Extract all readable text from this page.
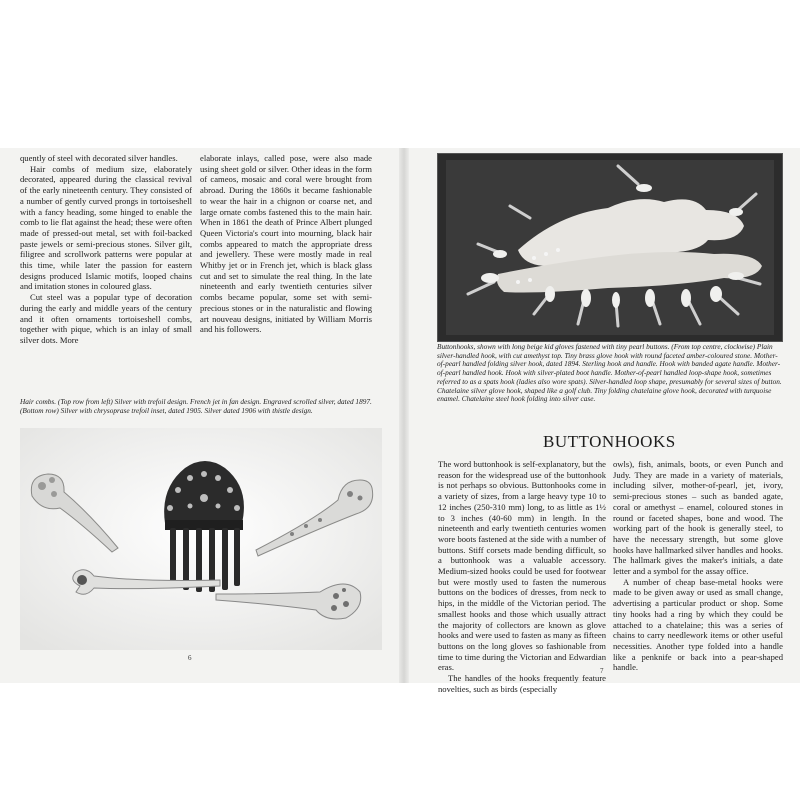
quently of steel with decorated silver handles.

Hair combs of medium size, elaborately decorated, appeared during the classical revival of the early nineteenth century. They consisted of a number of gently curved prongs in tortoiseshell with a fancy heading, some hinged to enable the comb to lie flat against the head; these were often made of pressed-out metal, set with foil-backed paste jewels or semi-precious stones. Silver gilt, filigree and scrollwork patterns were popular at this time, while later the passion for eastern designs produced Islamic motifs, looped chains and imitation stones in coloured glass.

Cut steel was a popular type of decoration during the early and middle years of the century and it often ornaments tortoiseshell combs, together with pique, which is an inlay of small silver dots. More

elaborate inlays, called pose, were also made using sheet gold or silver. Other ideas in the form of cameos, mosaic and coral were brought from abroad. During the 1860s it became fashionable to wear the hair in a chignon or coarse net, and large ornate combs fastened this to the main hair. When in 1861 the death of Prince Albert plunged Queen Victoria's court into mourning, black hair combs appeared to match the appropriate dress and jewellery. These were mostly made in real Whitby jet or in French jet, which is black glass cut and set to simulate the real thing. In the late nineteenth and early twentieth centuries silver combs became popular, some set with semi-precious stones or in the naturalistic and flowing art nouveau designs, initiated by William Morris and his followers.

Hair combs. (Top row from left) Silver with trefoil design. French jet in fan design. Engraved scrolled silver, dated 1897. (Bottom row) Silver with chrysoprase trefoil inset, dated 1905. Silver dated 1906 with thistle design.
6
Buttonhooks, shown with long beige kid gloves fastened with tiny pearl buttons. (From top centre, clockwise) Plain silver-handled hook, with cut amethyst top. Tiny brass glove hook with round faceted amber-coloured stone. Mother-of-pearl handled folding silver hook, dated 1894. Sterling hook and handle. Hook with banded agate handle. Mother-of-pearl handled hook. Hook with silver-plated boot handle. Mother-of-pearl handled loop-shape hook, sometimes referred to as a spats hook (ladies also wore spats). Silver-handled loop shape, presumably for several sizes of button. Chatelaine silver glove hook, shaped like a golf club. Tiny folding chatelaine glove hook, decorated with turquoise enamel. Chatelaine steel hook folding into silver case.
BUTTONHOOKS

The word buttonhook is self-explanatory, but the reason for the widespread use of the buttonhook is not perhaps so obvious. Buttonhooks come in a variety of sizes, from a large heavy type 10 to 12 inches (250-310 mm) long, to as little as 1½ to 3 inches (40-60 mm) in length. In the nineteenth and early twentieth centuries women wore boots fastened at the side with a number of buttons. Stiff corsets made bending difficult, so a buttonhook was a valuable accessory. Medium-sized hooks could be used for footwear but were mostly used to fasten the numerous buttons on the bodices of dresses, from neck to hips, in the middle of the Victorian period. The smallest hooks and those which usually attract the majority of collectors are known as glove hooks and were used to fasten as many as fifteen buttons on the long gloves so fashionable from time to time during the Victorian and Edwardian eras.

The handles of the hooks frequently feature novelties, such as birds (especially

owls), fish, animals, boots, or even Punch and Judy. They are made in a variety of materials, including silver, mother-of-pearl, jet, ivory, semi-precious stones – such as banded agate, coral or amethyst – enamel, coloured stones in round or faceted shapes, bone and wood. The working part of the hook is generally steel, to have the necessary strength, but some glove hooks have hallmarked silver handles and hooks. The hallmark gives the maker's initials, a date letter and a symbol for the assay office.

A number of cheap base-metal hooks were made to be given away or used as small change, advertising a particular product or shop. Some tiny hooks had a ring by which they could be attached to a chatelaine; this was a series of chains to carry needlework items or other useful necessities. Another type folded into a handle like a penknife or back into a pear-shaped handle.

7
